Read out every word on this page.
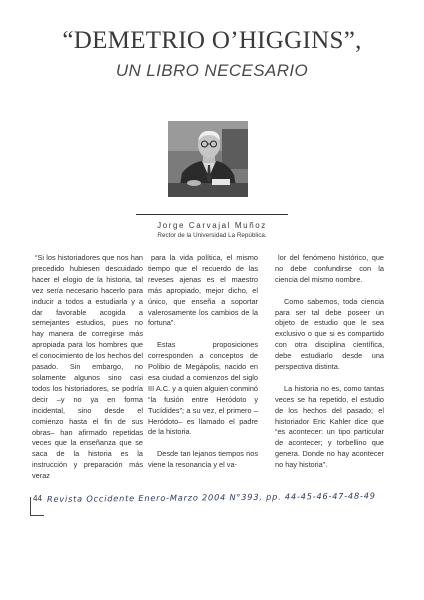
“DEMETRIO O’HIGGINS”,
UN LIBRO NECESARIO
Jorge Carvajal Muñoz
Rector de la Universidad La República.

“Si los historiadores que nos han precedido hubiesen descuidado hacer el elogio de la historia, tal vez sería necesario hacerlo para inducir a todos a estudiarla y a dar favorable acogida a semejantes estudios, pues no hay manera de corregirse más apropiada para los hombres que el conocimiento de los hechos del pasado. Sin embargo, no solamente algunos sino casi todos los historiadores, se podría decir –y no ya en forma incidental, sino desde el comienzo hasta el fin de sus obras– han afirmado repetidas veces que la enseñanza que se saca de la historia es la instrucción y preparación más veraz

para la vida política, el mismo tiempo que el recuerdo de las reveses ajenas es el maestro más apropiado, mejor dicho, el único, que enseña a soportar valerosamente los cambios de la fortuna”.

Estas proposiciones corresponden a conceptos de Polibio de Megápolis, nacido en esa ciudad a comienzos del siglo III A.C. y a quien alguien conminó “la fusión entre Heródoto y Tucídides”; a su vez, el primero –Heródoto– es llamado el padre de la historia.

Desde tan lejanos tiempos nos viene la resonancia y el va-

lor del fenómeno histórico, que no debe confundirse con la ciencia del mismo nombre.

Como sabemos, toda ciencia para ser tal debe poseer un objeto de estudio que le sea exclusivo o que si es compartido con otra disciplina científica, debe estudiarlo desde una perspectiva distinta.

La historia no es, como tantas veces se ha repetido, el estudio de los hechos del pasado; el historiador Eric Kahler dice que “es acontecer: un tipo particular de acontecer; y torbellino que genera. Donde no hay acontecer no hay historia”.

44 Revista Occidente Enero-Marzo 2004 N°393, pp. 44-45-46-47-48-49
